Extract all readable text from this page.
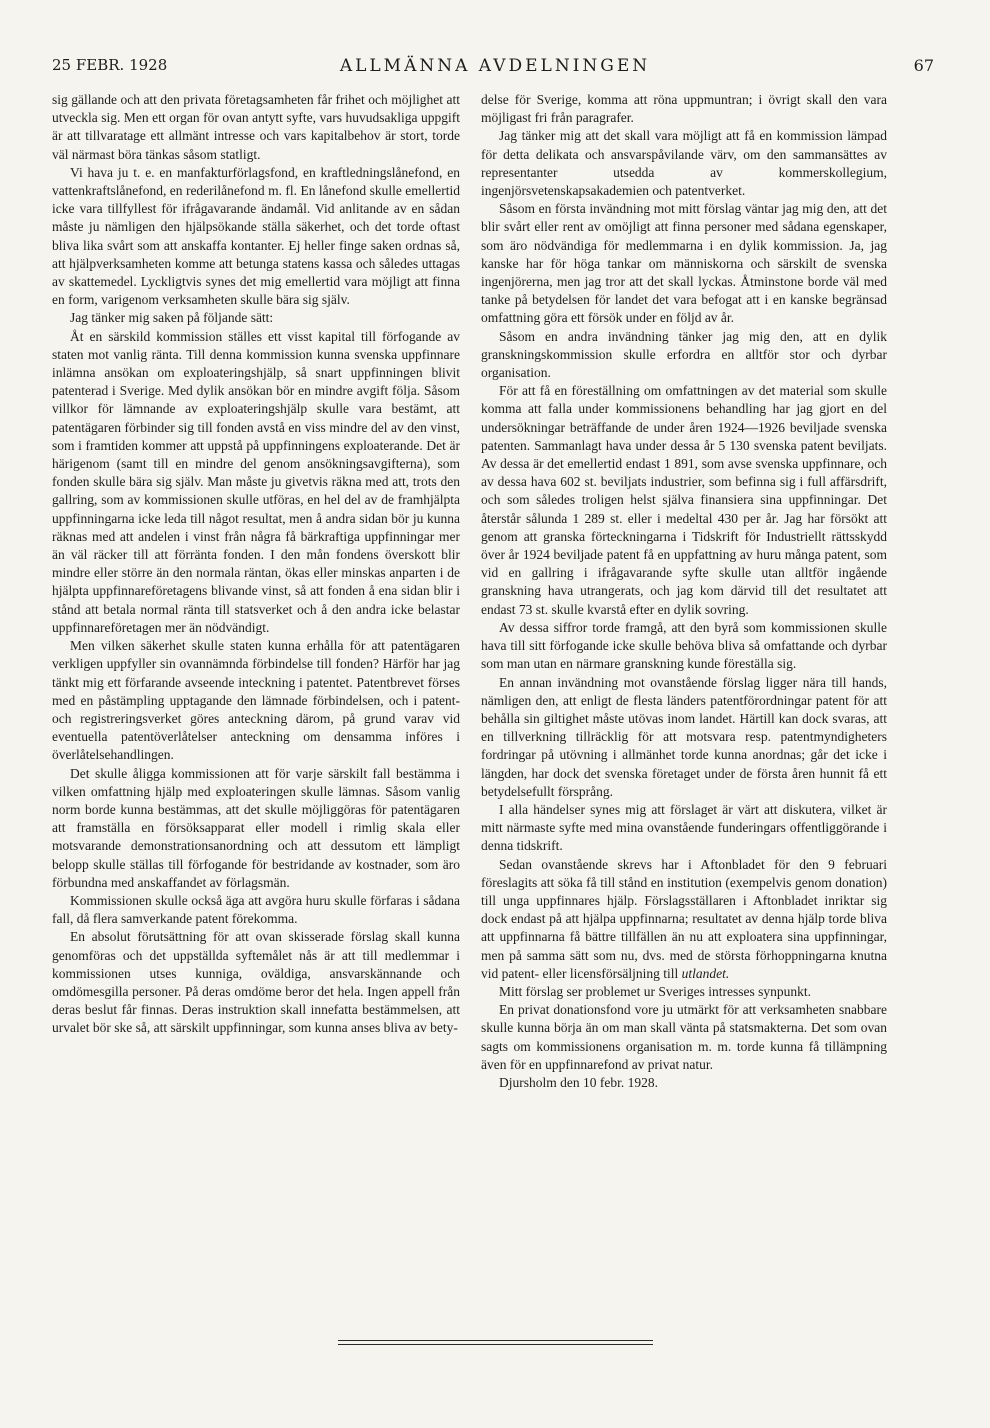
25 FEBR. 1928	ALLMÄNNA AVDELNINGEN	67

sig gällande och att den privata företagsamheten får frihet och möjlighet att utveckla sig. Men ett organ för ovan antytt syfte, vars huvudsakliga uppgift är att tillvaratage ett allmänt intresse och vars kapitalbehov är stort, torde väl närmast böra tänkas såsom statligt.

Vi hava ju t. e. en manfakturförlagsfond, en kraftledningslånefond, en vattenkraftslånefond, en rederilånefond m. fl. En lånefond skulle emellertid icke vara tillfyllest för ifrågavarande ändamål. Vid anlitande av en sådan måste ju nämligen den hjälpsökande ställa säkerhet, och det torde oftast bliva lika svårt som att anskaffa kontanter. Ej heller finge saken ordnas så, att hjälpverksamheten komme att betunga statens kassa och således uttagas av skattemedel. Lyckligtvis synes det mig emellertid vara möjligt att finna en form, varigenom verksamheten skulle bära sig själv.

Jag tänker mig saken på följande sätt:

Åt en särskild kommission ställes ett visst kapital till förfogande av staten mot vanlig ränta. Till denna kommission kunna svenska uppfinnare inlämna ansökan om exploateringshjälp, så snart uppfinningen blivit patenterad i Sverige. Med dylik ansökan bör en mindre avgift följa. Såsom villkor för lämnande av exploateringshjälp skulle vara bestämt, att patentägaren förbinder sig till fonden avstå en viss mindre del av den vinst, som i framtiden kommer att uppstå på uppfinningens exploaterande. Det är härigenom (samt till en mindre del genom ansökningsavgifterna), som fonden skulle bära sig själv. Man måste ju givetvis räkna med att, trots den gallring, som av kommissionen skulle utföras, en hel del av de framhjälpta uppfinningarna icke leda till något resultat, men å andra sidan bör ju kunna räknas med att andelen i vinst från några få bärkraftiga uppfinningar mer än väl räcker till att förränta fonden. I den mån fondens överskott blir mindre eller större än den normala räntan, ökas eller minskas anparten i de hjälpta uppfinnareföretagens blivande vinst, så att fonden å ena sidan blir i stånd att betala normal ränta till statsverket och å den andra icke belastar uppfinnareföretagen mer än nödvändigt.

Men vilken säkerhet skulle staten kunna erhålla för att patentägaren verkligen uppfyller sin ovannämnda förbindelse till fonden? Härför har jag tänkt mig ett förfarande avseende inteckning i patentet. Patentbrevet förses med en påstämpling upptagande den lämnade förbindelsen, och i patent- och registreringsverket göres anteckning därom, på grund varav vid eventuella patentöverlåtelser anteckning om densamma införes i överlåtelsehandlingen.

Det skulle åligga kommissionen att för varje särskilt fall bestämma i vilken omfattning hjälp med exploateringen skulle lämnas. Såsom vanlig norm borde kunna bestämmas, att det skulle möjliggöras för patentägaren att framställa en försöksapparat eller modell i rimlig skala eller motsvarande demonstrationsanordning och att dessutom ett lämpligt belopp skulle ställas till förfogande för bestridande av kostnader, som äro förbundna med anskaffandet av förlagsmän.

Kommissionen skulle också äga att avgöra huru skulle förfaras i sådana fall, då flera samverkande patent förekomma.

En absolut förutsättning för att ovan skisserade förslag skall kunna genomföras och det uppställda syftemålet nås är att till medlemmar i kommissionen utses kunniga, oväldiga, ansvarskännande och omdömesgilla personer. På deras omdöme beror det hela. Ingen appell från deras beslut får finnas. Deras instruktion skall innefatta bestämmelsen, att urvalet bör ske så, att särskilt uppfinningar, som kunna anses bliva av bety-

delse för Sverige, komma att röna uppmuntran; i övrigt skall den vara möjligast fri från paragrafer.

Jag tänker mig att det skall vara möjligt att få en kommission lämpad för detta delikata och ansvarspåvilande värv, om den sammansättes av representanter utsedda av kommerskollegium, ingenjörsvetenskapsakademien och patentverket.

Såsom en första invändning mot mitt förslag väntar jag mig den, att det blir svårt eller rent av omöjligt att finna personer med sådana egenskaper, som äro nödvändiga för medlemmarna i en dylik kommission. Ja, jag kanske har för höga tankar om människorna och särskilt de svenska ingenjörerna, men jag tror att det skall lyckas. Åtminstone borde väl med tanke på betydelsen för landet det vara befogat att i en kanske begränsad omfattning göra ett försök under en följd av år.

Såsom en andra invändning tänker jag mig den, att en dylik granskningskommission skulle erfordra en alltför stor och dyrbar organisation.

För att få en föreställning om omfattningen av det material som skulle komma att falla under kommissionens behandling har jag gjort en del undersökningar beträffande de under åren 1924—1926 beviljade svenska patenten. Sammanlagt hava under dessa år 5 130 svenska patent beviljats. Av dessa är det emellertid endast 1 891, som avse svenska uppfinnare, och av dessa hava 602 st. beviljats industrier, som befinna sig i full affärsdrift, och som således troligen helst själva finansiera sina uppfinningar. Det återstår sålunda 1 289 st. eller i medeltal 430 per år. Jag har försökt att genom att granska förteckningarna i Tidskrift för Industriellt rättsskydd över år 1924 beviljade patent få en uppfattning av huru många patent, som vid en gallring i ifrågavarande syfte skulle utan alltför ingående granskning hava utrangerats, och jag kom därvid till det resultatet att endast 73 st. skulle kvarstå efter en dylik sovring.

Av dessa siffror torde framgå, att den byrå som kommissionen skulle hava till sitt förfogande icke skulle behöva bliva så omfattande och dyrbar som man utan en närmare granskning kunde föreställa sig.

En annan invändning mot ovanstående förslag ligger nära till hands, nämligen den, att enligt de flesta länders patentförordningar patent för att behålla sin giltighet måste utövas inom landet. Härtill kan dock svaras, att en tillverkning tillräcklig för att motsvara resp. patentmyndigheters fordringar på utövning i allmänhet torde kunna anordnas; går det icke i längden, har dock det svenska företaget under de första åren hunnit få ett betydelsefullt försprång.

I alla händelser synes mig att förslaget är värt att diskutera, vilket är mitt närmaste syfte med mina ovanstående funderingars offentliggörande i denna tidskrift.

Sedan ovanstående skrevs har i Aftonbladet för den 9 februari föreslagits att söka få till stånd en institution (exempelvis genom donation) till unga uppfinnares hjälp. Förslagsställaren i Aftonbladet inriktar sig dock endast på att hjälpa uppfinnarna; resultatet av denna hjälp torde bliva att uppfinnarna få bättre tillfällen än nu att exploatera sina uppfinningar, men på samma sätt som nu, dvs. med de största förhoppningarna knutna vid patent- eller licensförsäljning till utlandet.

Mitt förslag ser problemet ur Sveriges intresses synpunkt.

En privat donationsfond vore ju utmärkt för att verksamheten snabbare skulle kunna börja än om man skall vänta på statsmakterna. Det som ovan sagts om kommissionens organisation m. m. torde kunna få tillämpning även för en uppfinnarefond av privat natur.

Djursholm den 10 febr. 1928.
